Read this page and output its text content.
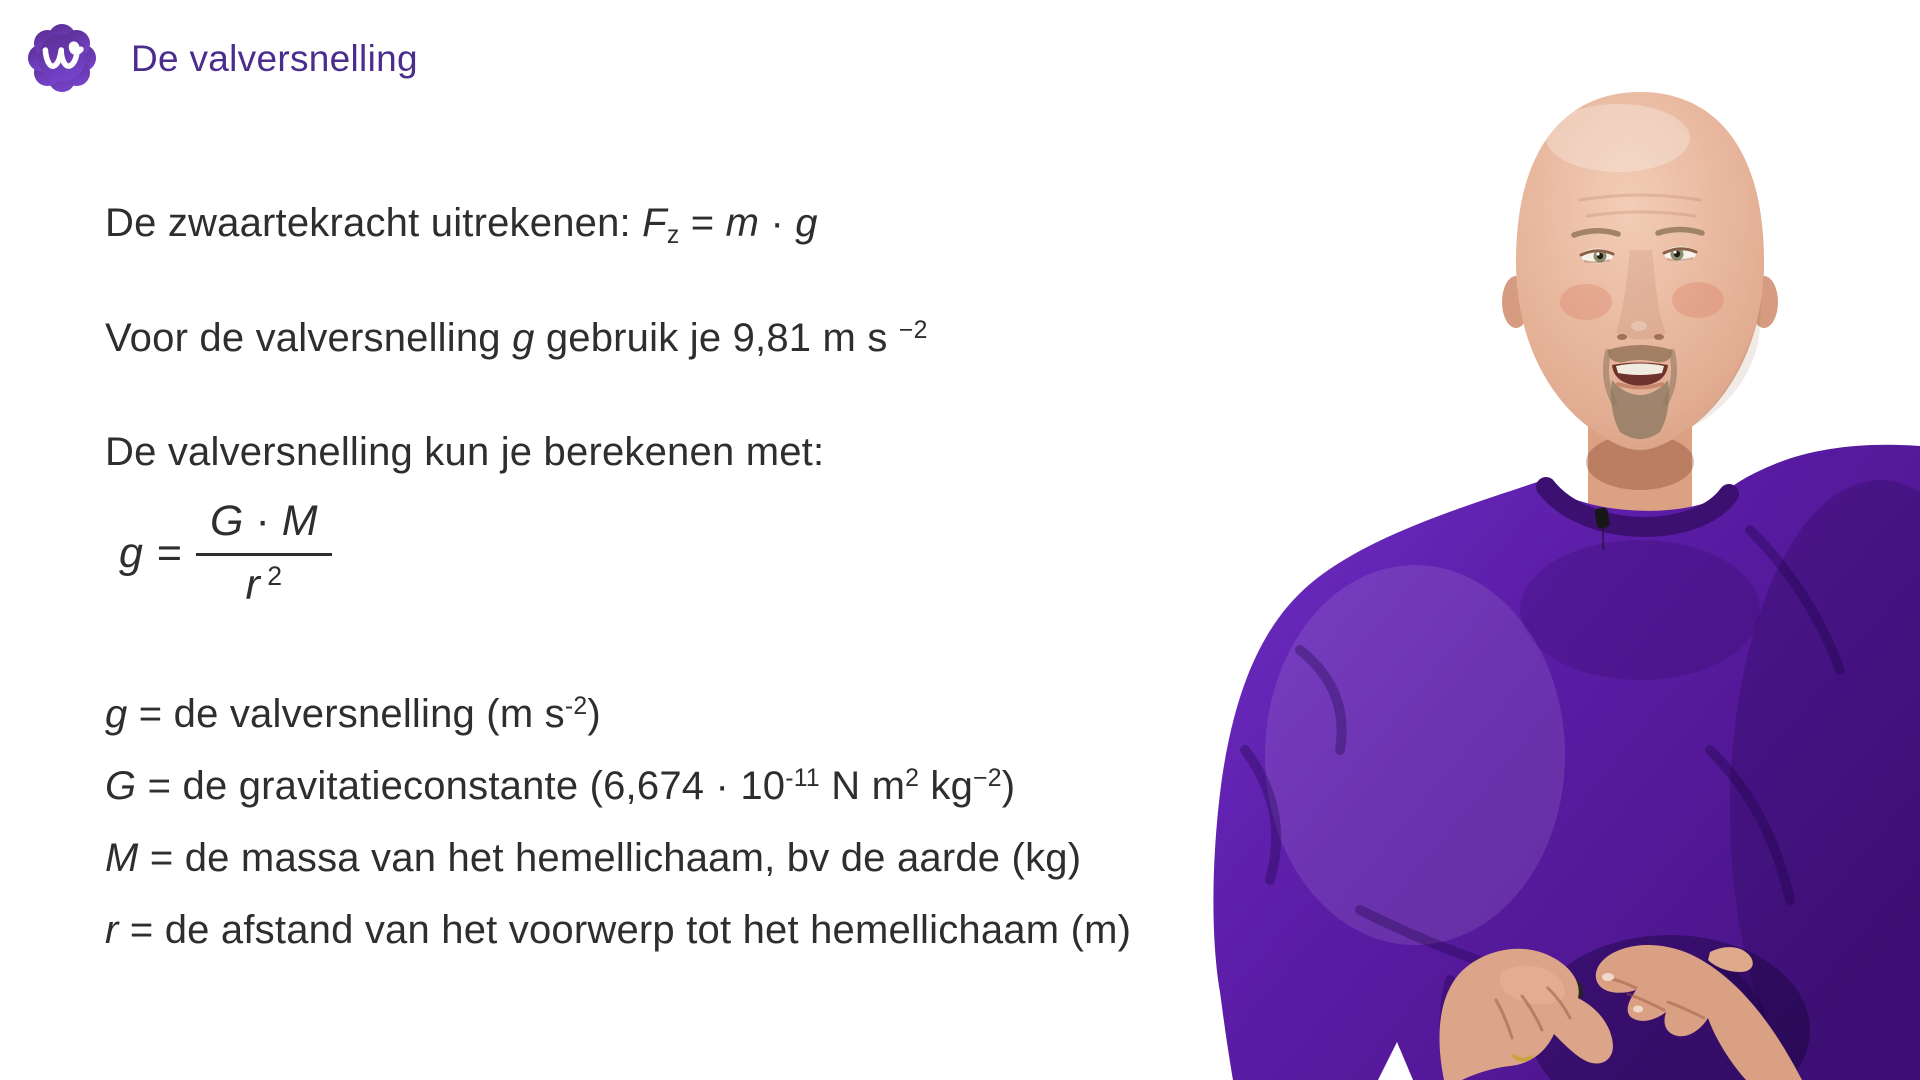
De valversnelling

De zwaartekracht uitrekenen: Fz = m · g

Voor de valversnelling g gebruik je 9,81 m s $^{-2}$

De valversnelling kun je berekenen met:

$g = \frac{G \cdot M}{r ^2}$

g = de valversnelling (m $s^{-2}$)

G = de gravitatieconstante ($6,674 \cdot 10^{-11}$ N $m^2$ $kg^{-2}$)

M = de massa van het hemellichaam, bv de aarde (kg)

r = de afstand van het voorwerp tot het hemellichaam (m)
